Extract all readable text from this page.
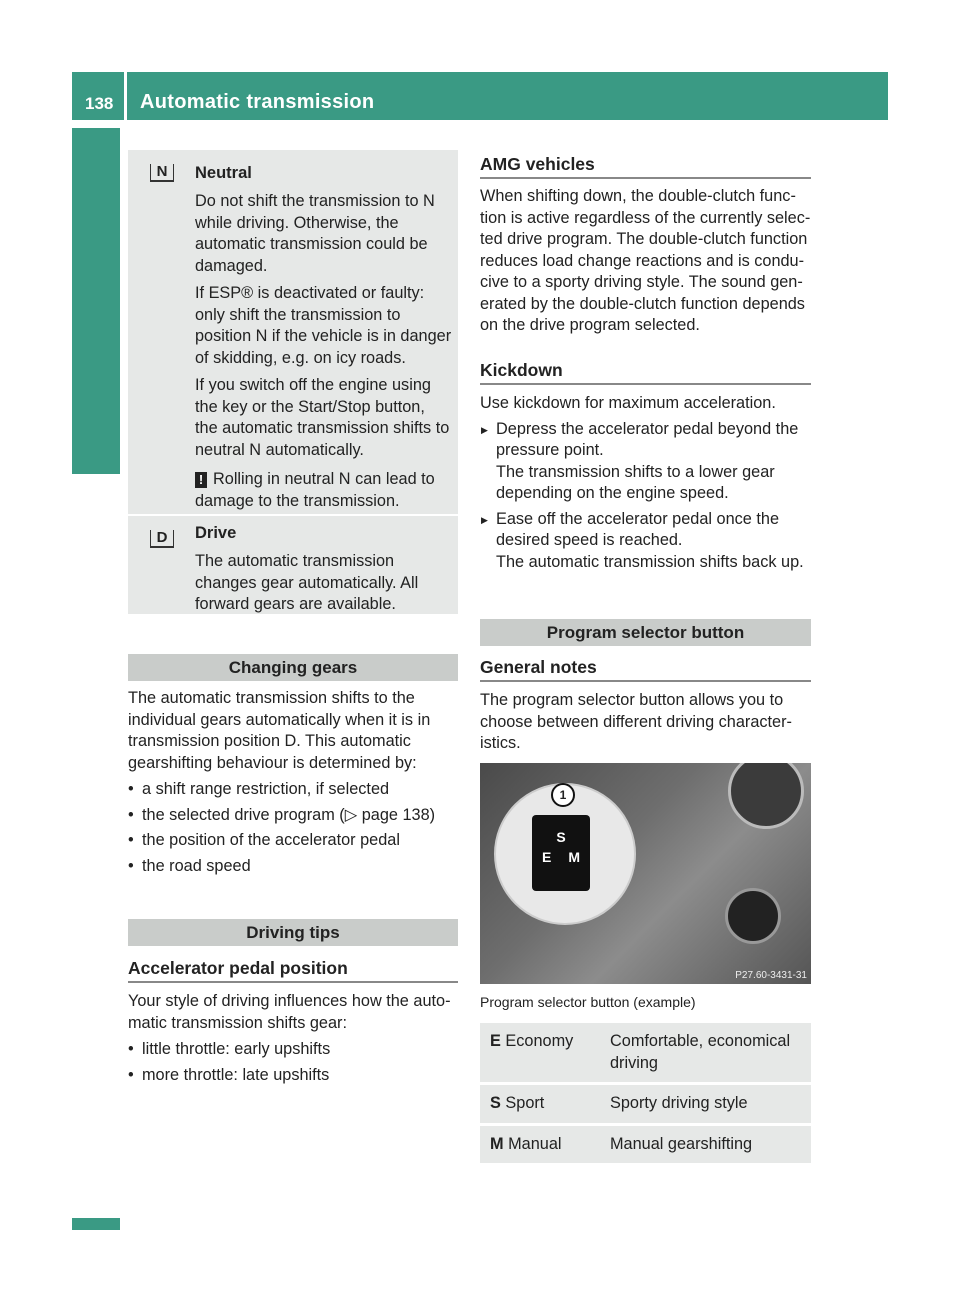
138 Automatic transmission
Driving and parking
N	Neutral

Do not shift the transmission to N while driving. Otherwise, the automatic transmission could be damaged.

If ESP® is deactivated or faulty: only shift the transmission to position N if the vehicle is in danger of skidding, e.g. on icy roads.

If you switch off the engine using the key or the Start/Stop button, the automatic transmission shifts to neutral N automatically.

! Rolling in neutral N can lead to damage to the transmission.

D	Drive

The automatic transmission changes gear automatically. All forward gears are available.

Changing gears

The automatic transmission shifts to the individual gears automatically when it is in transmission position D. This automatic gearshifting behaviour is determined by:

• a shift range restriction, if selected
• the selected drive program (▷ page 138)
• the position of the accelerator pedal
• the road speed
Driving tips
Accelerator pedal position

Your style of driving influences how the automatic transmission shifts gear:

• little throttle: early upshifts
• more throttle: late upshifts
AMG vehicles

When shifting down, the double-clutch function is active regardless of the currently selected drive program. The double-clutch function reduces load change reactions and is conducive to a sporty driving style. The sound generated by the double-clutch function depends on the drive program selected.

Kickdown

Use kickdown for maximum acceleration.

▶ Depress the accelerator pedal beyond the pressure point.
The transmission shifts to a lower gear depending on the engine speed.
▶ Ease off the accelerator pedal once the desired speed is reached.
The automatic transmission shifts back up.
Program selector button
General notes

The program selector button allows you to choose between different driving characteristics.

1
S
E M
P27.60-3431-31
Program selector button (example)
E Economy	Comfortable, economical driving
S Sport	Sporty driving style
M Manual	Manual gearshifting
